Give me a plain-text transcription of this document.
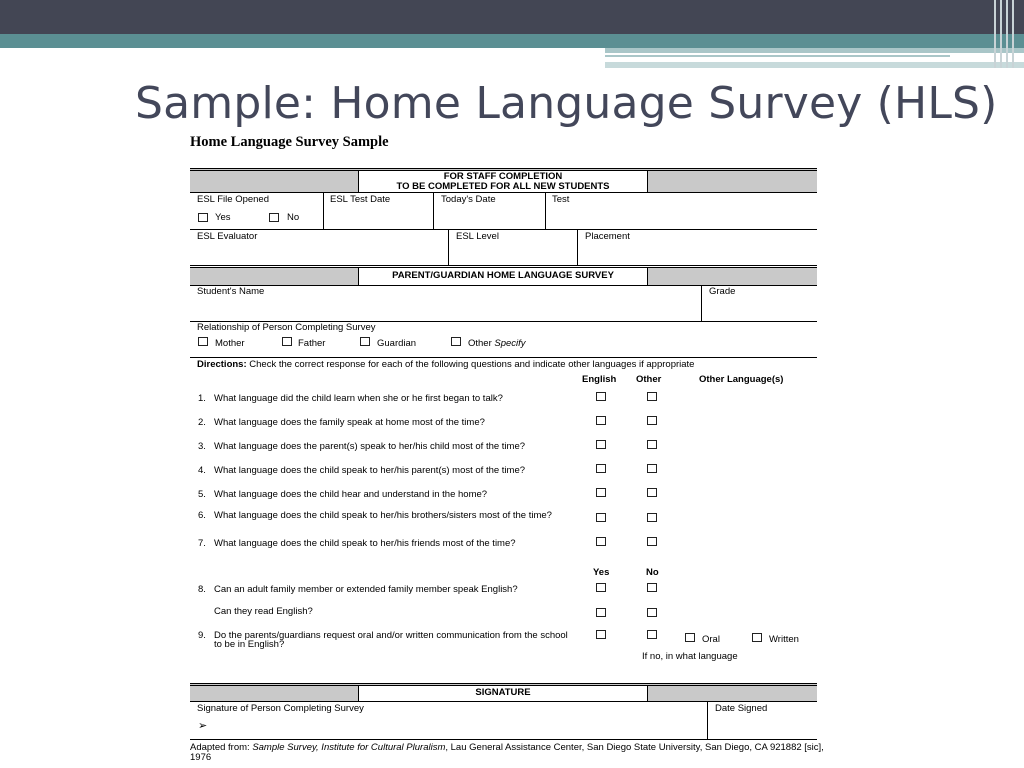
Sample: Home Language Survey (HLS)
Home Language Survey Sample
FOR STAFF COMPLETION
TO BE COMPLETED FOR ALL NEW STUDENTS
ESL File Opened
Yes	No
ESL Test Date	Today's Date	Test
ESL Evaluator	ESL Level	Placement
PARENT/GUARDIAN HOME LANGUAGE SURVEY
Student's Name	Grade
Relationship of Person Completing Survey
Mother	Father	Guardian	Other Specify
Directions: Check the correct response for each of the following questions and indicate other languages if appropriate
English Other	Other Language(s)
1. What language did the child learn when she or he first began to talk?
2. What language does the family speak at home most of the time?
3. What language does the parent(s) speak to her/his child most of the time?
4. What language does the child speak to her/his parent(s) most of the time?
5. What language does the child hear and understand in the home?
6. What language does the child speak to her/his brothers/sisters most of the time?
7. What language does the child speak to her/his friends most of the time?
Yes	No
8. Can an adult family member or extended family member speak English?
Can they read English?
9. Do the parents/guardians request oral and/or written communication from the school to be in English?	Oral	Written
If no, in what language
SIGNATURE
Signature of Person Completing Survey
➢
Date Signed
Adapted from: Sample Survey, Institute for Cultural Pluralism, Lau General Assistance Center, San Diego State University, San Diego, CA 921882 [sic], 1976
